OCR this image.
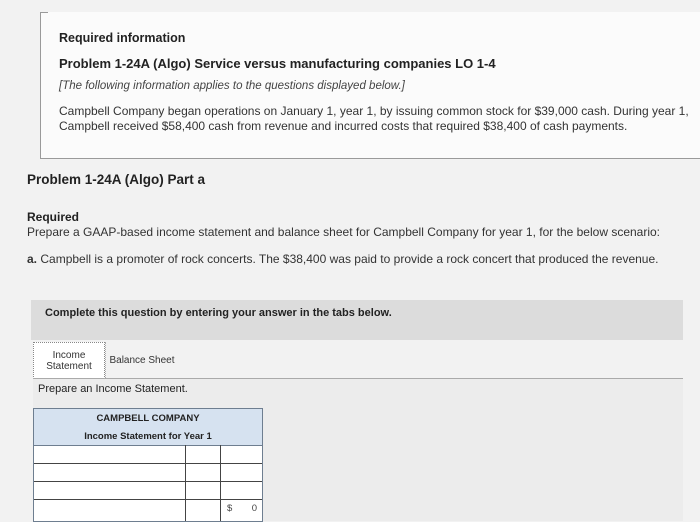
Required information
Problem 1-24A (Algo) Service versus manufacturing companies LO 1-4
[The following information applies to the questions displayed below.]
Campbell Company began operations on January 1, year 1, by issuing common stock for $39,000 cash. During year 1, Campbell received $58,400 cash from revenue and incurred costs that required $38,400 of cash payments.
Problem 1-24A (Algo) Part a
Required
Prepare a GAAP-based income statement and balance sheet for Campbell Company for year 1, for the below scenario:
a. Campbell is a promoter of rock concerts. The $38,400 was paid to provide a rock concert that produced the revenue.
Complete this question by entering your answer in the tabs below.
Income Statement
Balance Sheet
Prepare an Income Statement.
CAMPBELL COMPANY
Income Statement for Year 1
$ 0
